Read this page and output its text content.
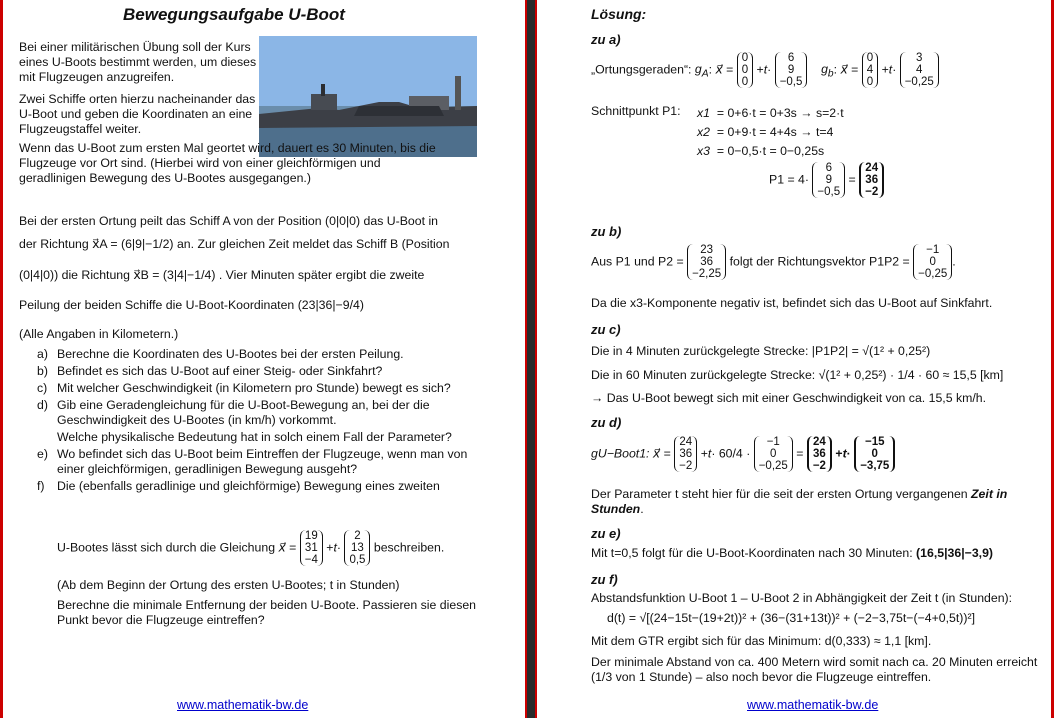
Bewegungsaufgabe U-Boot
Bei einer militärischen Übung soll der Kurs eines U-Boots bestimmt werden, um dieses mit Flugzeugen anzugreifen.
Zwei Schiffe orten hierzu nacheinander das U-Boot und geben die Koordinaten an eine Flugzeugstaffel weiter.
Wenn das U-Boot zum ersten Mal geortet wird, dauert es 30 Minuten, bis die Flugzeuge vor Ort sind. (Hierbei wird von einer gleichförmigen und geradlinigen Bewegung des U-Bootes ausgegangen.)
Bei der ersten Ortung peilt das Schiff A von der Position (0|0|0) das U-Boot in
der Richtung x⃗A = (6|9|−1/2) an. Zur gleichen Zeit meldet das Schiff B (Position
(0|4|0)) die Richtung x⃗B = (3|4|−1/4) . Vier Minuten später ergibt die zweite
Peilung der beiden Schiffe die U-Boot-Koordinaten (23|36|−9/4)
(Alle Angaben in Kilometern.)
a) Berechne die Koordinaten des U-Bootes bei der ersten Peilung.
b) Befindet es sich das U-Boot auf einer Steig- oder Sinkfahrt?
c) Mit welcher Geschwindigkeit (in Kilometern pro Stunde) bewegt es sich?
d) Gib eine Geradengleichung für die U-Boot-Bewegung an, bei der die Geschwindigkeit des U-Bootes (in km/h) vorkommt.
Welche physikalische Bedeutung hat in solch einem Fall der Parameter?
e) Wo befindet sich das U-Boot beim Eintreffen der Flugzeuge, wenn man von einer gleichförmigen, geradlinigen Bewegung ausgeht?
f) Die (ebenfalls geradlinige und gleichförmige) Bewegung eines zweiten
U-Bootes lässt sich durch die Gleichung x⃗ =
19
31
−4
+t·
2
13
0,5
beschreiben.
(Ab dem Beginn der Ortung des ersten U-Bootes; t in Stunden)
Berechne die minimale Entfernung der beiden U-Boote. Passieren sie diesen Punkt bevor die Flugzeuge eintreffen?
www.mathematik-bw.de
Lösung:
zu a)
„Ortungsgeraden“: $g_A$: x⃗ =
0
0
0
+t·
6
9
−0,5
$g_b$: x⃗ =
0
4
0
+t·
3
4
−0,25
Schnittpunkt P1: x1 = 0+6·t = 0+3s → s=2·t
x2 = 0+9·t = 4+4s → t=4
x3 = 0−0,5·t = 0−0,25s
P1 = 4·
6
9
−0,5
=
24
36
−2
zu b)
Aus P1 und P2 =
23
36
−2,25
folgt der Richtungsvektor P1P2 =
−1
0
−0,25
.
Da die x3-Komponente negativ ist, befindet sich das U-Boot auf Sinkfahrt.
zu c)
Die in 4 Minuten zurückgelegte Strecke: |P1P2| = √(1² + 0,25²)
Die in 60 Minuten zurückgelegte Strecke: √(1² + 0,25²) · 1/4 · 60 ≈ 15,5 [km]
→ Das U-Boot bewegt sich mit einer Geschwindigkeit von ca. 15,5 km/h.
zu d)
gU−Boot1: x⃗ =
24
36
−2
+t· 60/4 ·
−1
0
−0,25
=
24
36
−2
+t·
−15
0
−3,75
Der Parameter t steht hier für die seit der ersten Ortung vergangenen Zeit in Stunden.
zu e)
Mit t=0,5 folgt für die U-Boot-Koordinaten nach 30 Minuten: (16,5|36|−3,9)
zu f)
Abstandsfunktion U-Boot 1 – U-Boot 2 in Abhängigkeit der Zeit t (in Stunden):
d(t) = √[(24−15t−(19+2t))² + (36−(31+13t))² + (−2−3,75t−(−4+0,5t))²]
Mit dem GTR ergibt sich für das Minimum: d(0,333) ≈ 1,1 [km].
Der minimale Abstand von ca. 400 Metern wird somit nach ca. 20 Minuten erreicht (1/3 von 1 Stunde) – also noch bevor die Flugzeuge eintreffen.
www.mathematik-bw.de
